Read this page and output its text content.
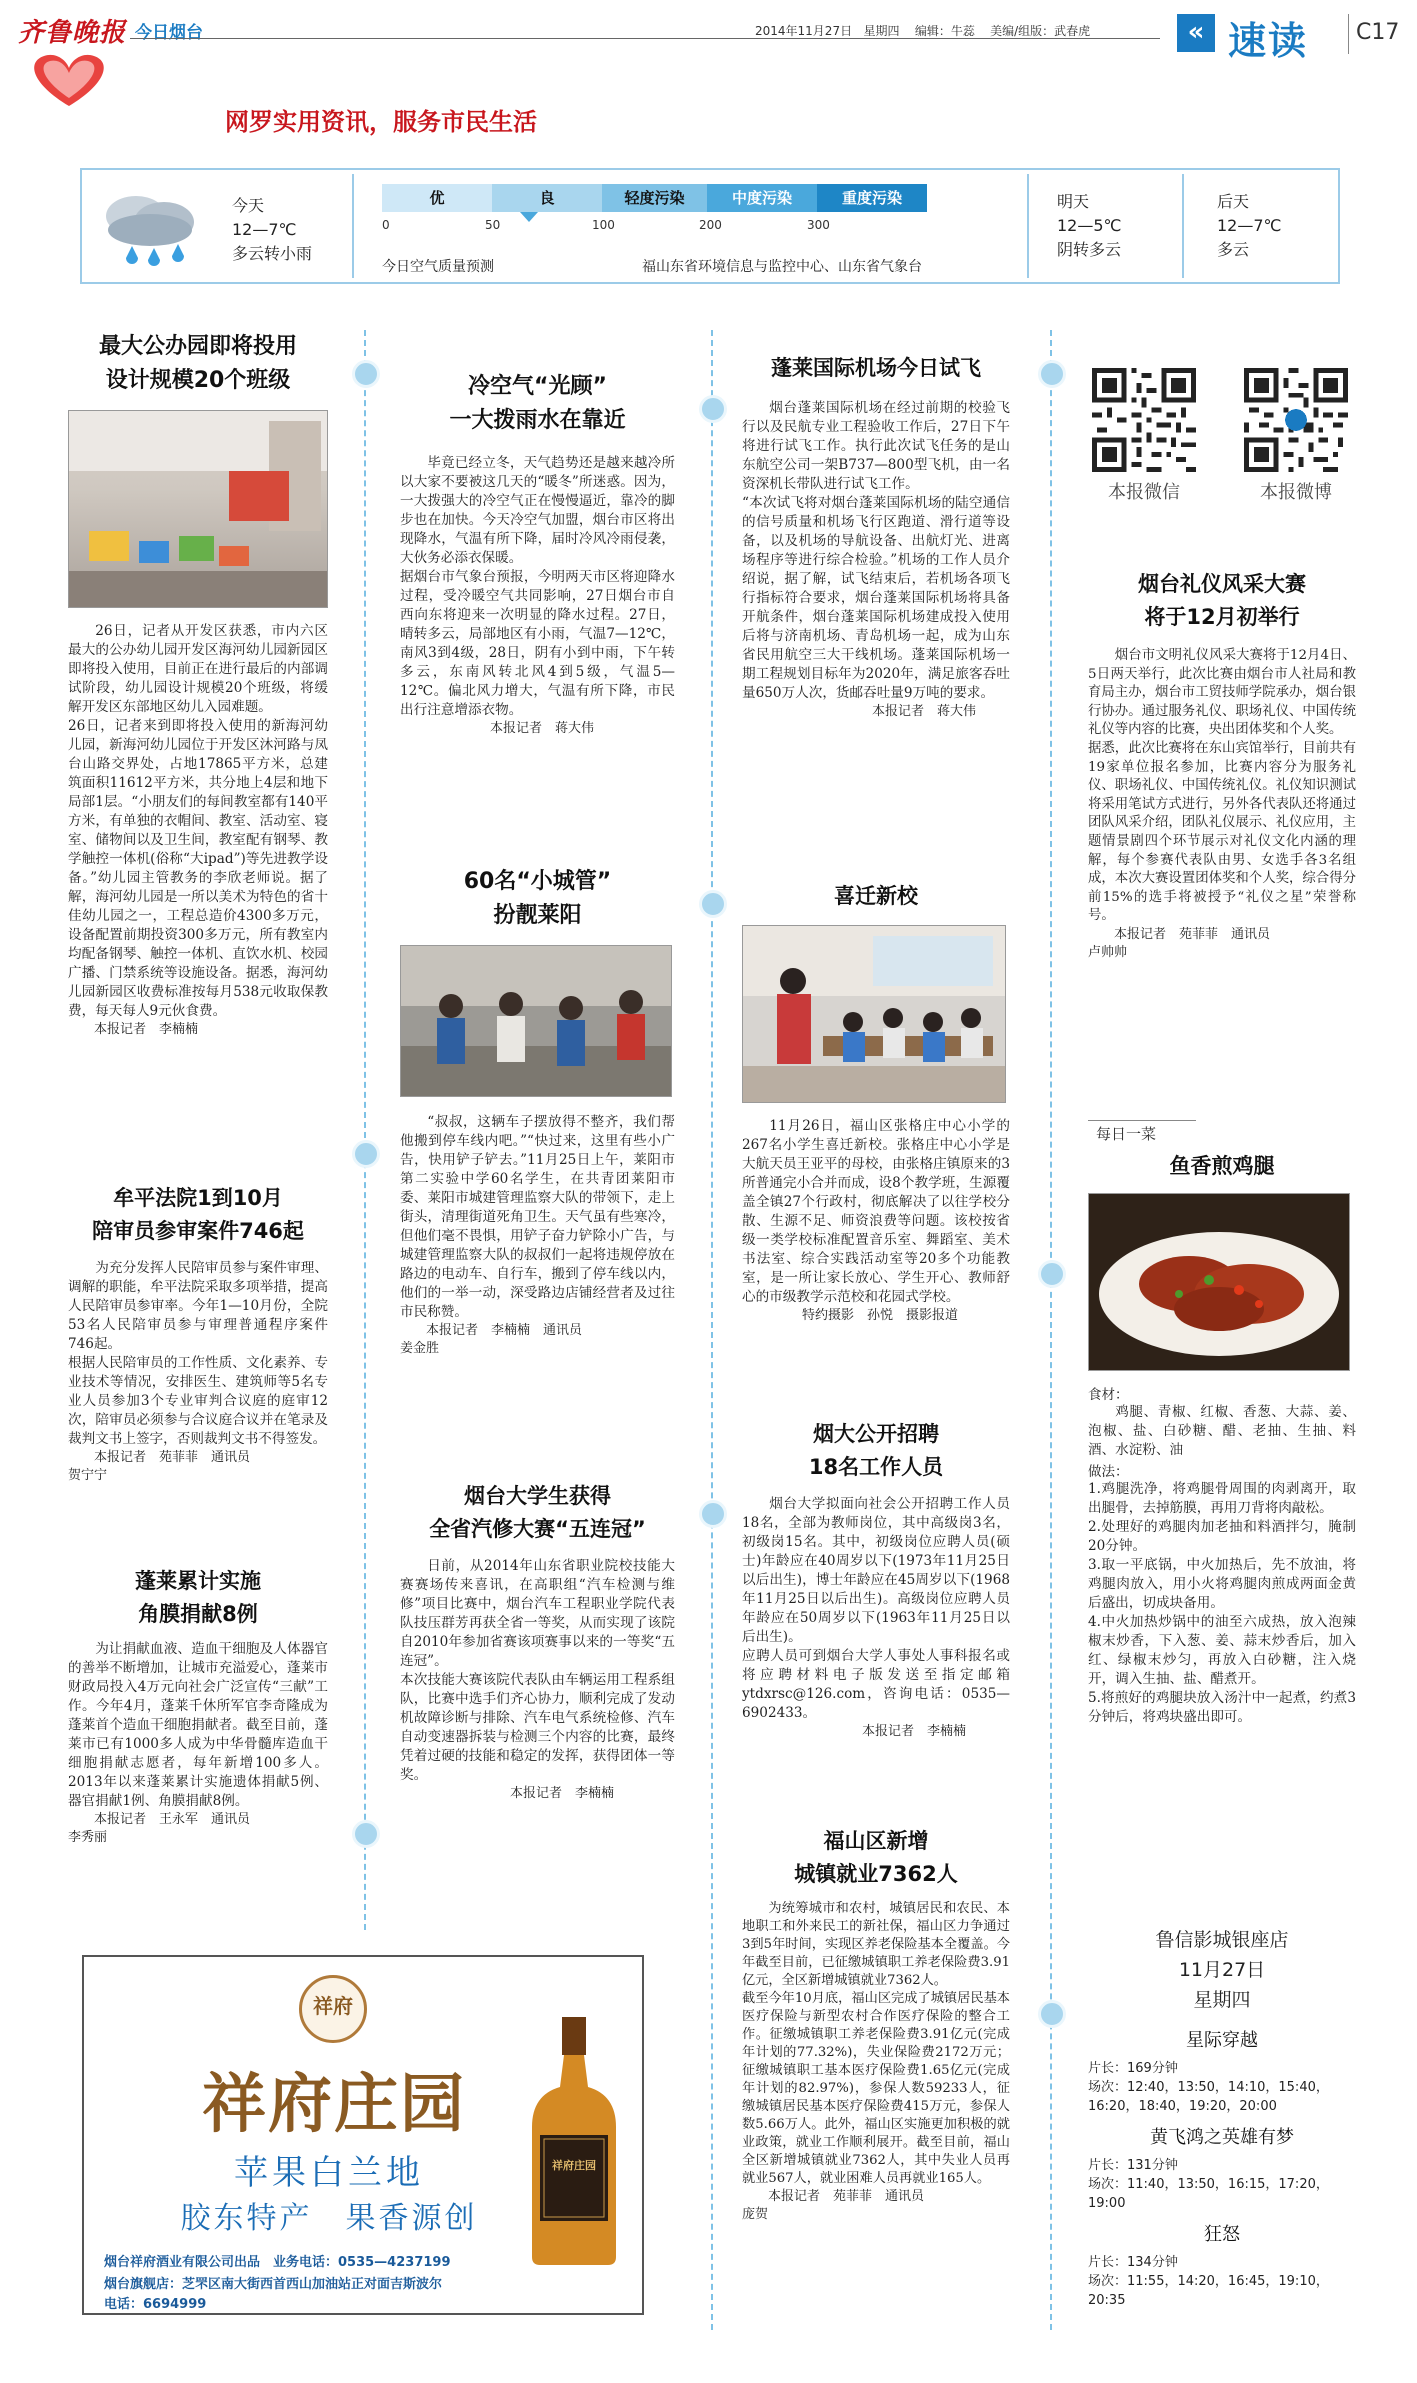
齐鲁晚报 今日烟台	2014年11月27日 星期四 编辑：牛蕊 美编/组版：武春虎	« 速读 C17
网罗实用资讯，服务市民生活
今天
12—7℃
多云转小雨
优	良	轻度污染	中度污染	重度污染
0	50	100	200	300
今日空气质量预测	福山东省环境信息与监控中心、山东省气象台
明天
12—5℃
阴转多云
后天
12—7℃
多云
最大公办园即将投用
设计规模20个班级
26日，记者从开发区获悉，市内六区最大的公办幼儿园开发区海河幼儿园新园区即将投入使用，目前正在进行最后的内部调试阶段，幼儿园设计规模20个班级，将缓解开发区东部地区幼儿入园难题。
26日，记者来到即将投入使用的新海河幼儿园，新海河幼儿园位于开发区沐河路与凤台山路交界处，占地17865平方米，总建筑面积11612平方米，共分地上4层和地下局部1层。“小朋友们的每间教室都有140平方米，有单独的衣帽间、教室、活动室、寝室、储物间以及卫生间，教室配有钢琴、教学触控一体机(俗称“大ipad”)等先进教学设备。”幼儿园主管教务的李欣老师说。据了解，海河幼儿园是一所以美术为特色的省十佳幼儿园之一，工程总造价4300多万元，设备配置前期投资300多万元，所有教室内均配备钢琴、触控一体机、直饮水机、校园广播、门禁系统等设施设备。据悉，海河幼儿园新园区收费标准按每月538元收取保教费，每天每人9元伙食费。
本报记者　李楠楠
牟平法院1到10月
陪审员参审案件746起
为充分发挥人民陪审员参与案件审理、调解的职能，牟平法院采取多项举措，提高人民陪审员参审率。今年1—10月份，全院53名人民陪审员参与审理普通程序案件746起。
根据人民陪审员的工作性质、文化素养、专业技术等情况，安排医生、建筑师等5名专业人员参加3个专业审判合议庭的庭审12次，陪审员必须参与合议庭合议并在笔录及裁判文书上签字，否则裁判文书不得签发。
本报记者　苑菲菲　通讯员
贺宁宁
蓬莱累计实施
角膜捐献8例
为让捐献血液、造血干细胞及人体器官的善举不断增加，让城市充溢爱心，蓬莱市财政局投入4万元向社会广泛宣传“三献”工作。今年4月，蓬莱千休所军官李奇隆成为蓬莱首个造血干细胞捐献者。截至目前，蓬莱市已有1000多人成为中华骨髓库造血干细胞捐献志愿者，每年新增100多人。2013年以来蓬莱累计实施遗体捐献5例、器官捐献1例、角膜捐献8例。
本报记者　王永军　通讯员
李秀丽
冷空气“光顾”
一大拨雨水在靠近
毕竟已经立冬，天气趋势还是越来越冷所以大家不要被这几天的“暖冬”所迷惑。因为，一大拨强大的冷空气正在慢慢逼近，靠冷的脚步也在加快。今天冷空气加盟，烟台市区将出现降水，气温有所下降，届时冷风冷雨侵袭，大伙务必添衣保暖。
据烟台市气象台预报，今明两天市区将迎降水过程，受冷暖空气共同影响，27日烟台市自西向东将迎来一次明显的降水过程。27日，晴转多云，局部地区有小雨，气温7—12℃，南风3到4级，28日，阴有小到中雨，下午转多云，东南风转北风4到5级，气温5—12℃。偏北风力增大，气温有所下降，市民出行注意增添衣物。
本报记者　蒋大伟
60名“小城管”
扮靓莱阳
“叔叔，这辆车子摆放得不整齐，我们帮他搬到停车线内吧。”“快过来，这里有些小广告，快用铲子铲去。”11月25日上午，莱阳市第二实验中学60名学生，在共青团莱阳市委、莱阳市城建管理监察大队的带领下，走上街头，清理街道死角卫生。天气虽有些寒冷，但他们毫不畏惧，用铲子奋力铲除小广告，与城建管理监察大队的叔叔们一起将违规停放在路边的电动车、自行车，搬到了停车线以内，他们的一举一动，深受路边店铺经营者及过往市民称赞。
本报记者　李楠楠　通讯员
姜金胜
烟台大学生获得
全省汽修大赛“五连冠”
日前，从2014年山东省职业院校技能大赛赛场传来喜讯，在高职组“汽车检测与维修”项目比赛中，烟台汽车工程职业学院代表队技压群芳再获全省一等奖，从而实现了该院自2010年参加省赛该项赛事以来的一等奖“五连冠”。
本次技能大赛该院代表队由车辆运用工程系组队，比赛中选手们齐心协力，顺利完成了发动机故障诊断与排除、汽车电气系统检修、汽车自动变速器拆装与检测三个内容的比赛，最终凭着过硬的技能和稳定的发挥，获得团体一等奖。
本报记者　李楠楠
蓬莱国际机场今日试飞
烟台蓬莱国际机场在经过前期的校验飞行以及民航专业工程验收工作后，27日下午将进行试飞工作。执行此次试飞任务的是山东航空公司一架B737—800型飞机，由一名资深机长带队进行试飞工作。
“本次试飞将对烟台蓬莱国际机场的陆空通信的信号质量和机场飞行区跑道、滑行道等设备，以及机场的导航设备、出航灯光、进离场程序等进行综合检验。”机场的工作人员介绍说，据了解，试飞结束后，若机场各项飞行指标符合要求，烟台蓬莱国际机场将具备开航条件，烟台蓬莱国际机场建成投入使用后将与济南机场、青岛机场一起，成为山东省民用航空三大干线机场。蓬莱国际机场一期工程规划目标年为2020年，满足旅客吞吐量650万人次，货邮吞吐量9万吨的要求。
本报记者　蒋大伟
喜迁新校
11月26日，福山区张格庄中心小学的267名小学生喜迁新校。张格庄中心小学是大航天员王亚平的母校，由张格庄镇原来的3所普通完小合并而成，设8个教学班，生源覆盖全镇27个行政村，彻底解决了以往学校分散、生源不足、师资浪费等问题。该校按省级一类学校标准配置音乐室、舞蹈室、美术书法室、综合实践活动室等20多个功能教室，是一所让家长放心、学生开心、教师舒心的市级教学示范校和花园式学校。
特约摄影　孙悦　摄影报道
烟大公开招聘
18名工作人员
烟台大学拟面向社会公开招聘工作人员18名，全部为教师岗位，其中高级岗3名，初级岗15名。其中，初级岗位应聘人员(硕士)年龄应在40周岁以下(1973年11月25日以后出生)，博士年龄应在45周岁以下(1968年11月25日以后出生)。高级岗位应聘人员年龄应在50周岁以下(1963年11月25日以后出生)。
应聘人员可到烟台大学人事处人事科报名或将应聘材料电子版发送至指定邮箱ytdxrsc@126.com，咨询电话：0535—6902433。
本报记者　李楠楠
福山区新增
城镇就业7362人
为统筹城市和农村，城镇居民和农民、本地职工和外来民工的新社保，福山区力争通过3到5年时间，实现区养老保险基本全覆盖。今年截至目前，已征缴城镇职工养老保险费3.91亿元，全区新增城镇就业7362人。
截至今年10月底，福山区完成了城镇居民基本医疗保险与新型农村合作医疗保险的整合工作。征缴城镇职工养老保险费3.91亿元(完成年计划的77.32%)，失业保险费2172万元；征缴城镇职工基本医疗保险费1.65亿元(完成年计划的82.97%)，参保人数59233人，征缴城镇居民基本医疗保险费415万元，参保人数5.66万人。此外，福山区实施更加积极的就业政策，就业工作顺利展开。截至目前，福山全区新增城镇就业7362人，其中失业人员再就业567人，就业困难人员再就业165人。
本报记者　苑菲菲　通讯员
庞贺
本报微信	本报微博
烟台礼仪风采大赛
将于12月初举行
烟台市文明礼仪风采大赛将于12月4日、5日两天举行，此次比赛由烟台市人社局和教育局主办，烟台市工贸技师学院承办，烟台银行协办。通过服务礼仪、职场礼仪、中国传统礼仪等内容的比赛，央出团体奖和个人奖。
据悉，此次比赛将在东山宾馆举行，目前共有19家单位报名参加，比赛内容分为服务礼仪、职场礼仪、中国传统礼仪。礼仪知识测试将采用笔试方式进行，另外各代表队还将通过团队风采介绍，团队礼仪展示、礼仪应用，主题情景剧四个环节展示对礼仪文化内涵的理解，每个参赛代表队由男、女选手各3名组成，本次大赛设置团体奖和个人奖，综合得分前15%的选手将被授予“礼仪之星”荣誉称号。
本报记者　苑菲菲　通讯员
卢帅帅
每日一菜
鱼香煎鸡腿
食材：
鸡腿、青椒、红椒、香葱、大蒜、姜、泡椒、盐、白砂糖、醋、老抽、生抽、料酒、水淀粉、油
做法：
1.鸡腿洗净，将鸡腿骨周围的肉剥离开，取出腿骨，去掉筋膜，再用刀背将肉敲松。
2.处理好的鸡腿肉加老抽和料酒拌匀，腌制20分钟。
3.取一平底锅，中火加热后，先不放油，将鸡腿肉放入，用小火将鸡腿肉煎成两面金黄后盛出，切成块备用。
4.中火加热炒锅中的油至六成热，放入泡辣椒末炒香，下入葱、姜、蒜末炒香后，加入红、绿椒末炒匀，再放入白砂糖，注入烧开，调入生抽、盐、醋煮开。
5.将煎好的鸡腿块放入汤汁中一起煮，约煮3分钟后，将鸡块盛出即可。
鲁信影城银座店
11月27日
星期四
星际穿越
片长：169分钟
场次：12:40，13:50，14:10，15:40，16:20，18:40，19:20，20:00
黄飞鸿之英雄有梦
片长：131分钟
场次：11:40，13:50，16:15，17:20，19:00
狂怒
片长：134分钟
场次：11:55，14:20，16:45，19:10，20:35
祥府
祥府庄园
苹果白兰地
胶东特产　果香源创
祥府庄园
烟台祥府酒业有限公司出品　业务电话：0535—4237199
烟台旗舰店：芝罘区南大街西首西山加油站正对面吉斯波尔
电话：6694999
